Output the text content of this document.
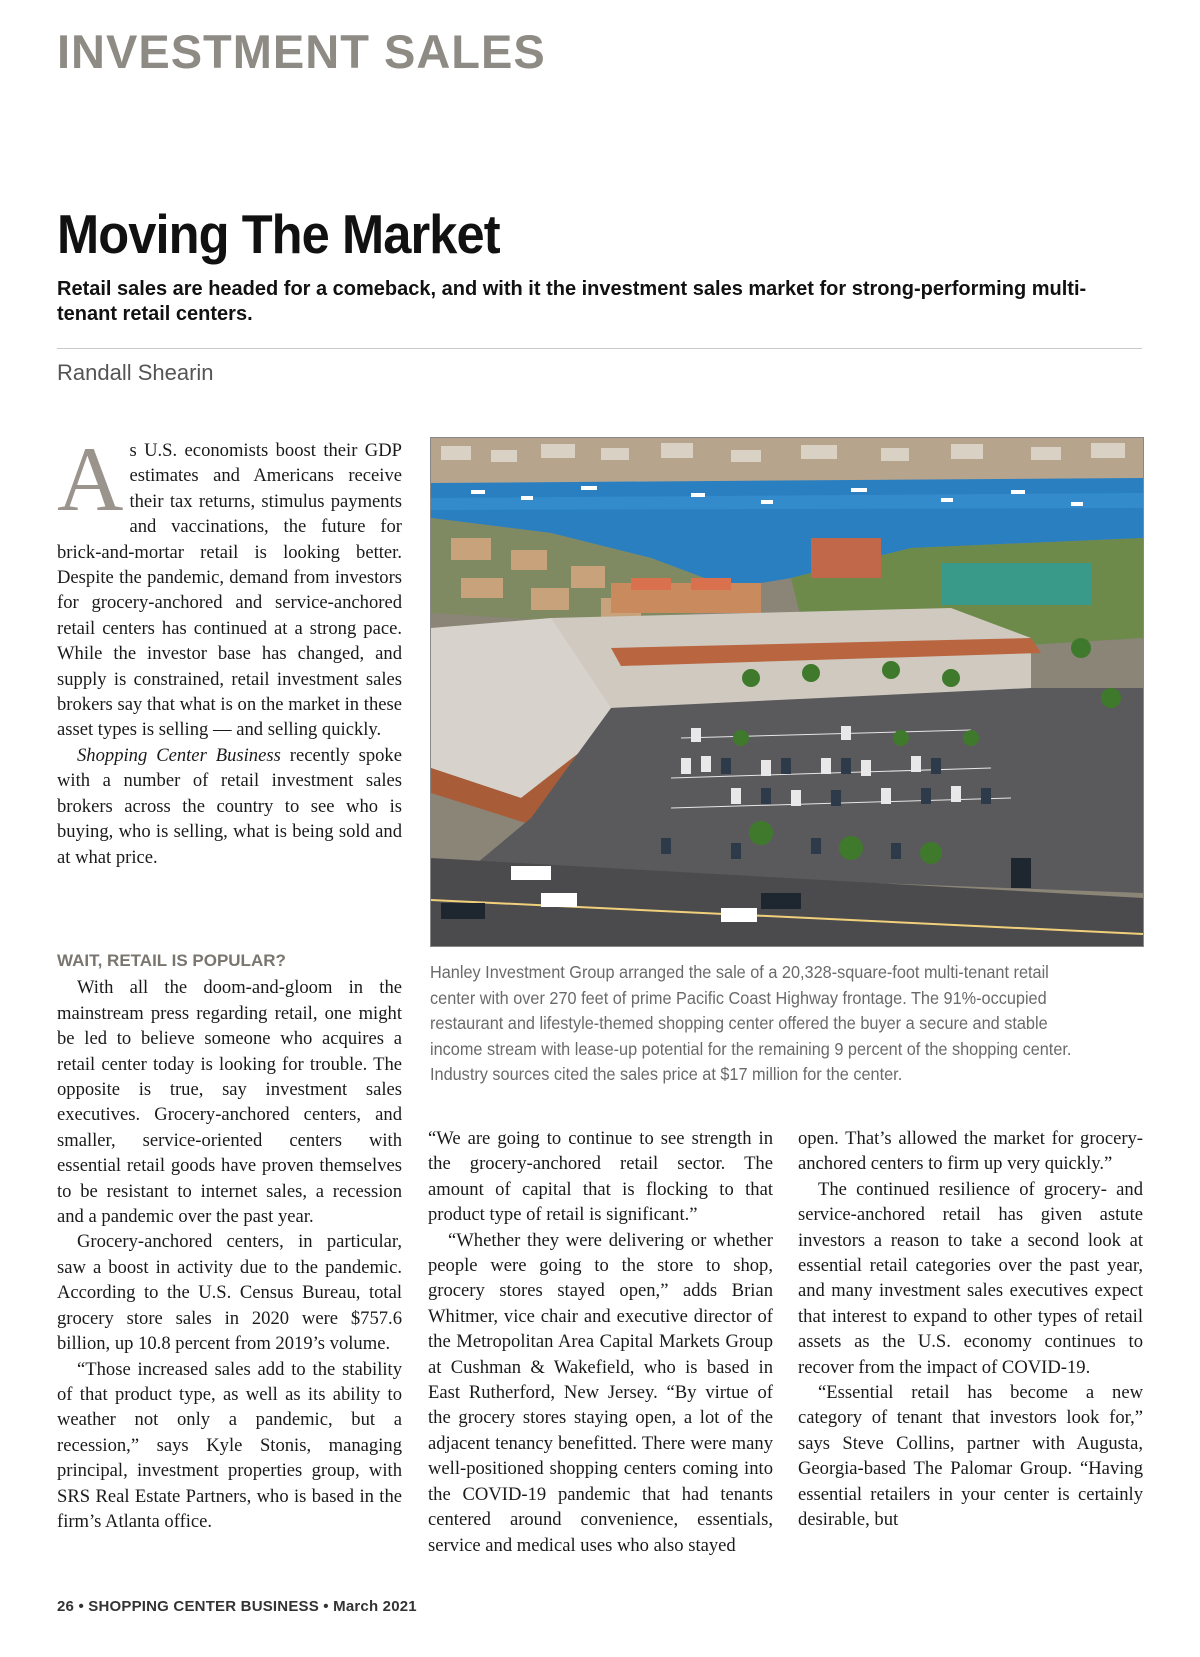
INVESTMENT SALES
Moving The Market

Retail sales are headed for a comeback, and with it the investment sales market for strong-performing multi-tenant retail centers.

Randall Shearin

As U.S. economists boost their GDP estimates and Americans receive their tax returns, stimulus payments and vaccinations, the future for brick-and-mortar retail is looking better. Despite the pandemic, demand from investors for grocery-anchored and service-anchored retail centers has continued at a strong pace. While the investor base has changed, and supply is constrained, retail investment sales brokers say that what is on the market in these asset types is selling — and selling quickly.

Shopping Center Business recently spoke with a number of retail investment sales brokers across the country to see who is buying, who is selling, what is being sold and at what price.

WAIT, RETAIL IS POPULAR?

With all the doom-and-gloom in the mainstream press regarding retail, one might be led to believe someone who acquires a retail center today is looking for trouble. The opposite is true, say investment sales executives. Grocery-anchored centers, and smaller, service-oriented centers with essential retail goods have proven themselves to be resistant to internet sales, a recession and a pandemic over the past year.

Grocery-anchored centers, in particular, saw a boost in activity due to the pandemic. According to the U.S. Census Bureau, total grocery store sales in 2020 were $757.6 billion, up 10.8 percent from 2019’s volume.

“Those increased sales add to the stability of that product type, as well as its ability to weather not only a pandemic, but a recession,” says Kyle Stonis, managing principal, investment properties group, with SRS Real Estate Partners, who is based in the firm’s Atlanta office.

Hanley Investment Group arranged the sale of a 20,328-square-foot multi-tenant retail center with over 270 feet of prime Pacific Coast Highway frontage. The 91%-occupied restaurant and lifestyle-themed shopping center offered the buyer a secure and stable income stream with lease-up potential for the remaining 9 percent of the shopping center. Industry sources cited the sales price at $17 million for the center.

“We are going to continue to see strength in the grocery-anchored retail sector. The amount of capital that is flocking to that product type of retail is significant.”

“Whether they were delivering or whether people were going to the store to shop, grocery stores stayed open,” adds Brian Whitmer, vice chair and executive director of the Metropolitan Area Capital Markets Group at Cushman & Wakefield, who is based in East Rutherford, New Jersey. “By virtue of the grocery stores staying open, a lot of the adjacent tenancy benefitted. There were many well-positioned shopping centers coming into the COVID-19 pandemic that had tenants centered around convenience, essentials, service and medical uses who also stayed

open. That’s allowed the market for grocery-anchored centers to firm up very quickly.”

The continued resilience of grocery- and service-anchored retail has given astute investors a reason to take a second look at essential retail categories over the past year, and many investment sales executives expect that interest to expand to other types of retail assets as the U.S. economy continues to recover from the impact of COVID-19.

“Essential retail has become a new category of tenant that investors look for,” says Steve Collins, partner with Augusta, Georgia-based The Palomar Group. “Having essential retailers in your center is certainly desirable, but

26 • SHOPPING CENTER BUSINESS • March 2021
